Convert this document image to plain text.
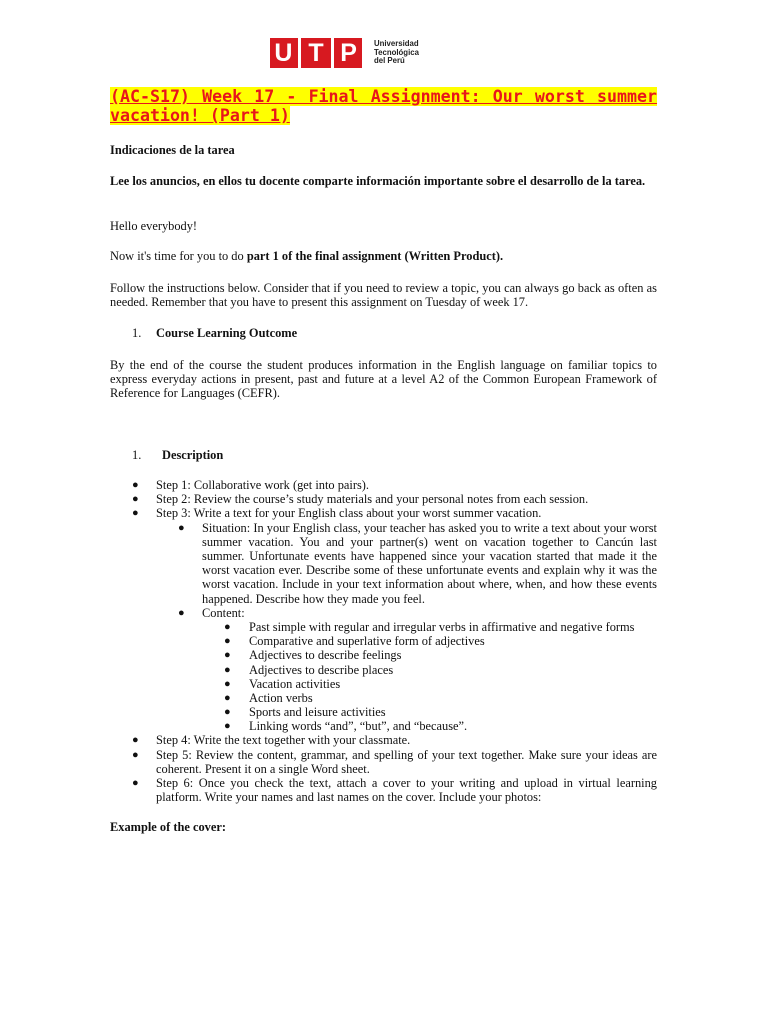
U T P	Universidad
Tecnológica
del Perú
(AC-S17) Week 17 - Final Assignment: Our worst summer vacation! (Part 1)
Indicaciones de la tarea
Lee los anuncios, en ellos tu docente comparte información importante sobre el desarrollo de la tarea.
Hello everybody!
Now it's time for you to do part 1 of the final assignment (Written Product).
Follow the instructions below. Consider that if you need to review a topic, you can always go back as often as needed. Remember that you have to present this assignment on Tuesday of week 17.
1. Course Learning Outcome
By the end of the course the student produces information in the English language on familiar topics to express everyday actions in present, past and future at a level A2 of the Common European Framework of Reference for Languages (CEFR).
1. Description
● Step 1: Collaborative work (get into pairs).
● Step 2: Review the course’s study materials and your personal notes from each session.
● Step 3: Write a text for your English class about your worst summer vacation.
● Situation: In your English class, your teacher has asked you to write a text about your worst summer vacation. You and your partner(s) went on vacation together to Cancún last summer. Unfortunate events have happened since your vacation started that made it the worst vacation ever. Describe some of these unfortunate events and explain why it was the worst vacation. Include in your text information about where, when, and how these events happened. Describe how they made you feel.
● Content:
● Past simple with regular and irregular verbs in affirmative and negative forms
● Comparative and superlative form of adjectives
● Adjectives to describe feelings
● Adjectives to describe places
● Vacation activities
● Action verbs
● Sports and leisure activities
● Linking words “and”, “but”, and “because”.
● Step 4: Write the text together with your classmate.
● Step 5: Review the content, grammar, and spelling of your text together. Make sure your ideas are coherent. Present it on a single Word sheet.
● Step 6: Once you check the text, attach a cover to your writing and upload in virtual learning platform. Write your names and last names on the cover. Include your photos:
Example of the cover:
